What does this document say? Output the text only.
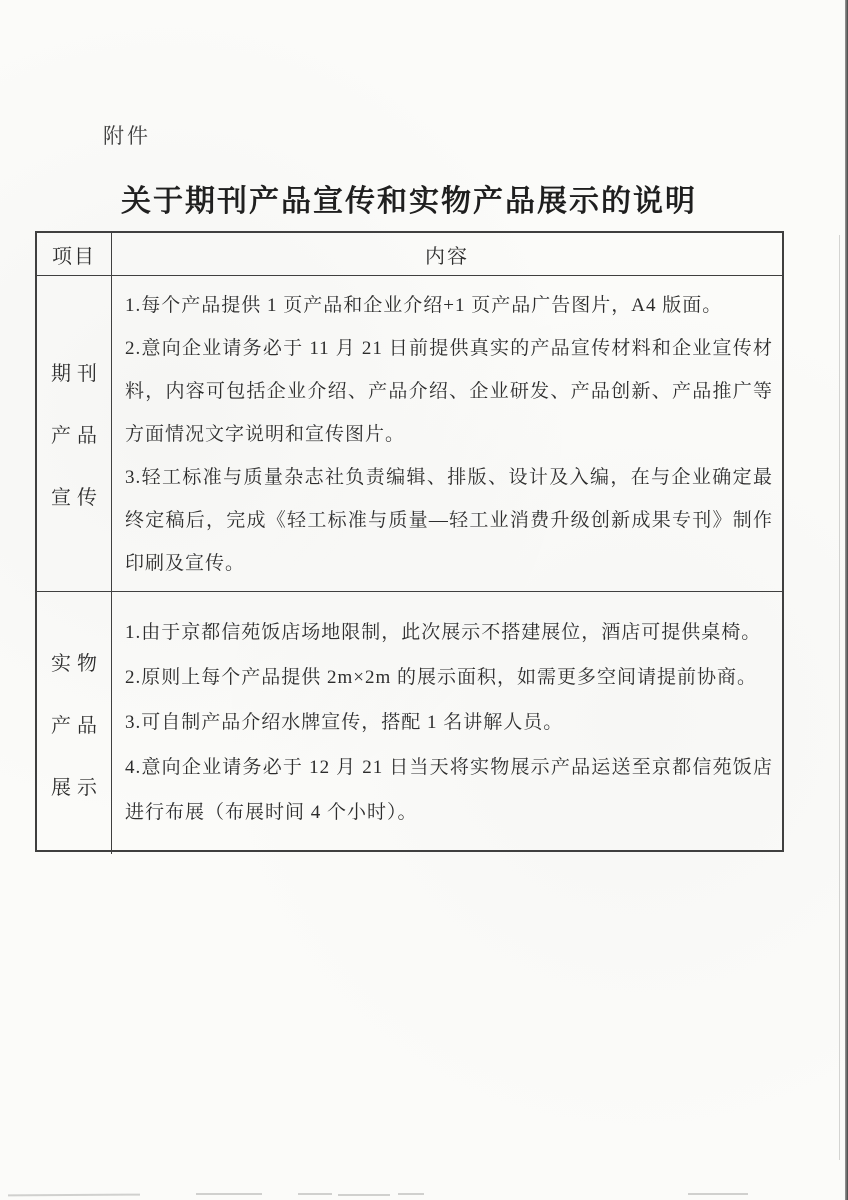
附件
关于期刊产品宣传和实物产品展示的说明
项目	内容
期刊
产品
宣传

1.每个产品提供 1 页产品和企业介绍+1 页产品广告图片，A4 版面。

2.意向企业请务必于 11 月 21 日前提供真实的产品宣传材料和企业宣传材料，内容可包括企业介绍、产品介绍、企业研发、产品创新、产品推广等方面情况文字说明和宣传图片。

3.轻工标准与质量杂志社负责编辑、排版、设计及入编，在与企业确定最终定稿后，完成《轻工标准与质量—轻工业消费升级创新成果专刊》制作印刷及宣传。

实物
产品
展示

1.由于京都信苑饭店场地限制，此次展示不搭建展位，酒店可提供桌椅。

2.原则上每个产品提供 2m×2m 的展示面积，如需更多空间请提前协商。

3.可自制产品介绍水牌宣传，搭配 1 名讲解人员。

4.意向企业请务必于 12 月 21 日当天将实物展示产品运送至京都信苑饭店进行布展（布展时间 4 个小时）。
